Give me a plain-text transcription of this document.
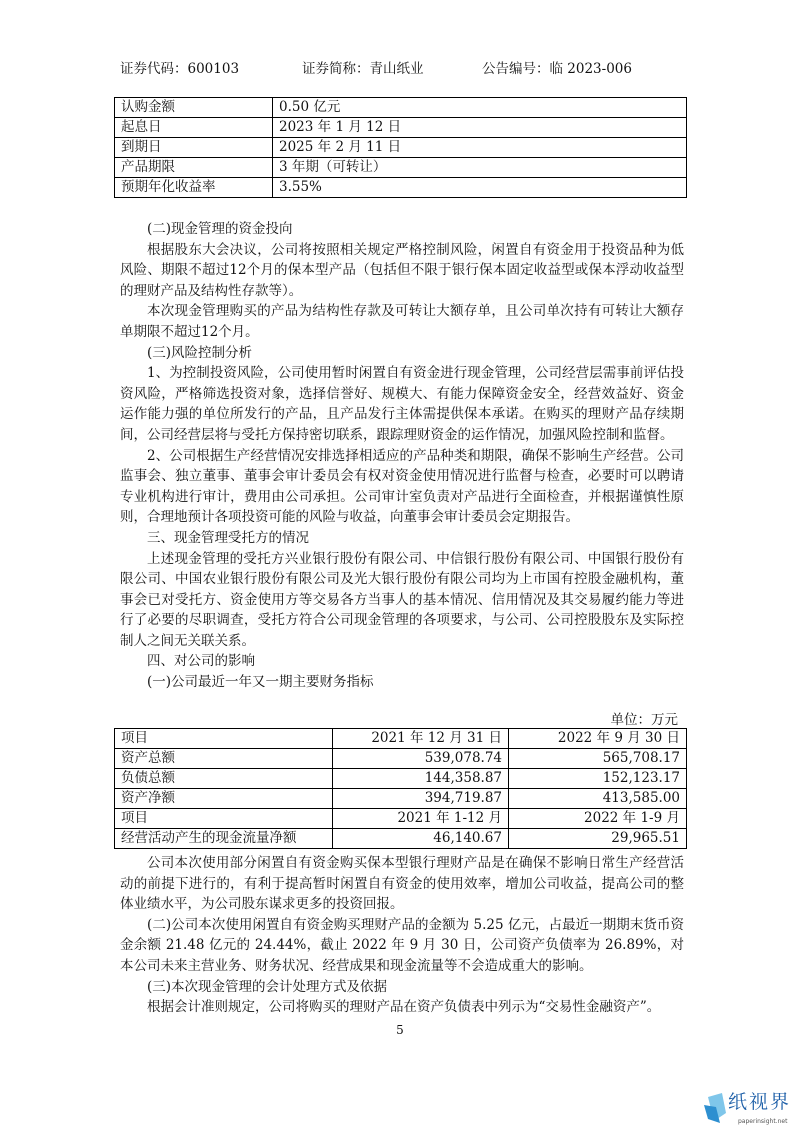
证券代码：600103	证券简称：青山纸业	公告编号：临 2023-006
认购金额	0.50 亿元
起息日	2023 年 1 月 12 日
到期日	2025 年 2 月 11 日
产品期限	3 年期（可转让）
预期年化收益率	3.55%

(二)现金管理的资金投向

根据股东大会决议，公司将按照相关规定严格控制风险，闲置自有资金用于投资品种为低风险、期限不超过12个月的保本型产品（包括但不限于银行保本固定收益型或保本浮动收益型的理财产品及结构性存款等）。

本次现金管理购买的产品为结构性存款及可转让大额存单，且公司单次持有可转让大额存单期限不超过12个月。

(三)风险控制分析

1、为控制投资风险，公司使用暂时闲置自有资金进行现金管理，公司经营层需事前评估投资风险，严格筛选投资对象，选择信誉好、规模大、有能力保障资金安全，经营效益好、资金运作能力强的单位所发行的产品，且产品发行主体需提供保本承诺。在购买的理财产品存续期间，公司经营层将与受托方保持密切联系，跟踪理财资金的运作情况，加强风险控制和监督。

2、公司根据生产经营情况安排选择相适应的产品种类和期限，确保不影响生产经营。公司监事会、独立董事、董事会审计委员会有权对资金使用情况进行监督与检查，必要时可以聘请专业机构进行审计，费用由公司承担。公司审计室负责对产品进行全面检查，并根据谨慎性原则，合理地预计各项投资可能的风险与收益，向董事会审计委员会定期报告。

三、现金管理受托方的情况

上述现金管理的受托方兴业银行股份有限公司、中信银行股份有限公司、中国银行股份有限公司、中国农业银行股份有限公司及光大银行股份有限公司均为上市国有控股金融机构，董事会已对受托方、资金使用方等交易各方当事人的基本情况、信用情况及其交易履约能力等进行了必要的尽职调查，受托方符合公司现金管理的各项要求，与公司、公司控股股东及实际控制人之间无关联关系。

四、对公司的影响

(一)公司最近一年又一期主要财务指标

单位：万元
项目	2021 年 12 月 31 日	2022 年 9 月 30 日
资产总额	539,078.74	565,708.17
负债总额	144,358.87	152,123.17
资产净额	394,719.87	413,585.00
项目	2021 年 1-12 月	2022 年 1-9 月
经营活动产生的现金流量净额	46,140.67	29,965.51

公司本次使用部分闲置自有资金购买保本型银行理财产品是在确保不影响日常生产经营活动的前提下进行的，有利于提高暂时闲置自有资金的使用效率，增加公司收益，提高公司的整体业绩水平，为公司股东谋求更多的投资回报。

(二)公司本次使用闲置自有资金购买理财产品的金额为 5.25 亿元，占最近一期期末货币资金余额 21.48 亿元的 24.44%，截止 2022 年 9 月 30 日，公司资产负债率为 26.89%，对本公司未来主营业务、财务状况、经营成果和现金流量等不会造成重大的影响。

(三)本次现金管理的会计处理方式及依据

根据会计准则规定，公司将购买的理财产品在资产负债表中列示为“交易性金融资产”。

5
纸视界
paperinsight.net
